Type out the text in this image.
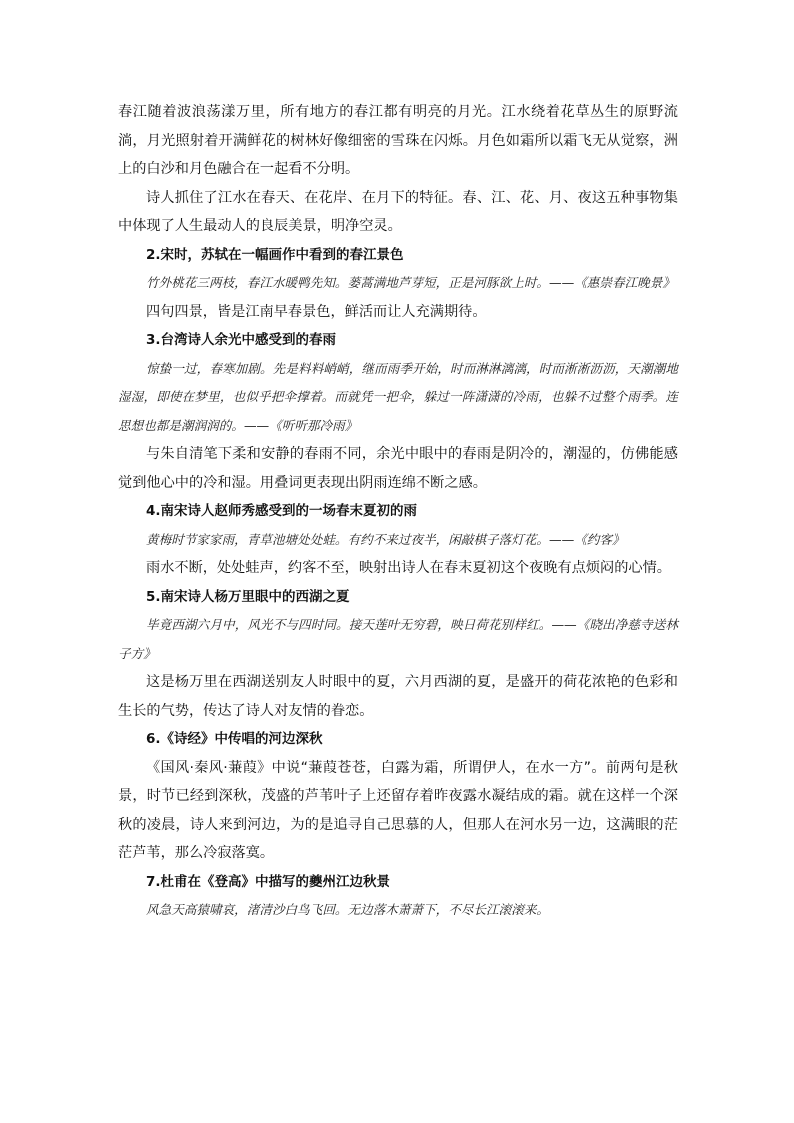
春江随着波浪荡漾万里，所有地方的春江都有明亮的月光。江水绕着花草丛生的原野流淌，月光照射着开满鲜花的树林好像细密的雪珠在闪烁。月色如霜所以霜飞无从觉察，洲上的白沙和月色融合在一起看不分明。

诗人抓住了江水在春天、在花岸、在月下的特征。春、江、花、月、夜这五种事物集中体现了人生最动人的良辰美景，明净空灵。

2.宋时，苏轼在一幅画作中看到的春江景色

竹外桃花三两枝，春江水暖鸭先知。蒌蒿满地芦芽短，正是河豚欲上时。——《惠崇春江晚景》

四句四景，皆是江南早春景色，鲜活而让人充满期待。

3.台湾诗人余光中感受到的春雨

惊蛰一过，春寒加剧。先是料料峭峭，继而雨季开始，时而淋淋漓漓，时而淅淅沥沥，天潮潮地湿湿，即使在梦里，也似乎把伞撑着。而就凭一把伞，躲过一阵潇潇的冷雨，也躲不过整个雨季。连思想也都是潮润润的。——《听听那冷雨》

与朱自清笔下柔和安静的春雨不同，余光中眼中的春雨是阴冷的，潮湿的，仿佛能感觉到他心中的冷和湿。用叠词更表现出阴雨连绵不断之感。

4.南宋诗人赵师秀感受到的一场春末夏初的雨

黄梅时节家家雨，青草池塘处处蛙。有约不来过夜半，闲敲棋子落灯花。——《约客》

雨水不断，处处蛙声，约客不至，映射出诗人在春末夏初这个夜晚有点烦闷的心情。

5.南宋诗人杨万里眼中的西湖之夏

毕竟西湖六月中，风光不与四时同。接天莲叶无穷碧，映日荷花别样红。——《晓出净慈寺送林子方》

这是杨万里在西湖送别友人时眼中的夏，六月西湖的夏，是盛开的荷花浓艳的色彩和生长的气势，传达了诗人对友情的眷恋。

6.《诗经》中传唱的河边深秋

《国风·秦风·蒹葭》中说“蒹葭苍苍，白露为霜，所谓伊人，在水一方”。前两句是秋景，时节已经到深秋，茂盛的芦苇叶子上还留存着昨夜露水凝结成的霜。就在这样一个深秋的凌晨，诗人来到河边，为的是追寻自己思慕的人，但那人在河水另一边，这满眼的茫茫芦苇，那么冷寂落寞。

7.杜甫在《登高》中描写的夔州江边秋景

风急天高猿啸哀，渚清沙白鸟飞回。无边落木萧萧下，不尽长江滚滚来。
